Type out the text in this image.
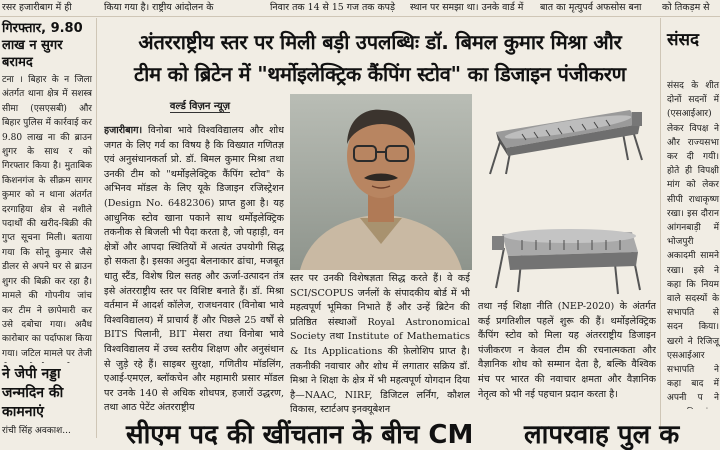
रसर हजारीबाग में ही	किया गया है। राष्ट्रीय आंदोलन के	निवार तक 14 से 15 गज तक कपड़े स्थान पर समझा था। उनके वार्ड में बात का मृत्युपर्व अफसोस बना को तिकड़म से
गिरफ्तार, 9.80 लाख न सुगर बरामद
टना । बिहार के न जिला अंतर्गत थाना क्षेत्र में सशस्त्र सीमा (एसएसबी) और बिहार पुलिस में कार्रवाई कर 9.80 लाख ना की ब्राउन शुगर के साथ र को गिरफ्तार किया है। मुताबिक किशनगंज के सीक्रम सागर कुमार को न थाना अंतर्गत दरगाहिया क्षेत्र से नशीले पदार्थों की खरीद-बिक्री की गुप्त सूचना मिली। बताया गया कि सोनू कुमार जैसे डीलर से अपने घर से ब्राउन शुगर की बिक्री कर रहा है। मामले की गोपनीय जांच कर टीम ने छापेमारी कर उसे दबोचा गया। अवैध कारोबार का पर्दाफाश किया गया। जटिल मामले पर तेजी
ने जेपी नड्डा जन्मदिन की कामनाएं
रांची सिंह अवकाश...
अंतरराष्ट्रीय स्तर पर मिली बड़ी उपलब्धिः डॉ. बिमल कुमार मिश्रा और
टीम को ब्रिटेन में "थर्मोइलेक्ट्रिक कैंपिंग स्टोव" का डिजाइन पंजीकरण
वर्ल्ड विज़न न्यूज़
हजारीबाग। विनोबा भावे विश्वविद्यालय और शोध जगत के लिए गर्व का विषय है कि विख्यात गणितज्ञ एवं अनुसंधानकर्ता प्रो. डॉ. बिमल कुमार मिश्रा तथा उनकी टीम को "थर्मोइलेक्ट्रिक कैंपिंग स्टोव" के अभिनव मॉडल के लिए यूके डिजाइन रजिस्ट्रेशन (Design No. 6482306) प्राप्त हुआ है। यह आधुनिक स्टोव खाना पकाने साथ थर्मोइलेक्ट्रिक तकनीक से बिजली भी पैदा करता है, जो पहाड़ी, वन क्षेत्रों और आपदा स्थितियों में अत्यंत उपयोगी सिद्ध हो सकता है। इसका अनुदा बेलनाकार ढांचा, मजबूत धातु स्टैंड, विशेष ग्रिल सतह और ऊर्जा-उत्पादन तंत्र इसे अंतरराष्ट्रीय स्तर पर विशिष्ट बनाते हैं। डॉ. मिश्रा वर्तमान में आदर्श कॉलेज, राजधनवार (विनोबा भावे विश्वविद्यालय) में प्राचार्य हैं और पिछले 25 वर्षों से BITS पिलानी, BIT मेसरा तथा विनोबा भावे विश्वविद्यालय में उच्च स्तरीय शिक्षण और अनुसंधान से जुड़े रहे हैं। साइबर सुरक्षा, गणितीय मॉडलिंग, एआई-एमएल, ब्लॉकचेन और महामारी प्रसार मॉडल पर उनके 140 से अधिक शोधपत्र, हजारों उद्धरण, तथा आठ पेटेंट अंतरराष्ट्रीय
स्तर पर उनकी विशेषज्ञता सिद्ध करते हैं। वे कई SCI/SCOPUS जर्नलों के संपादकीय बोर्ड में भी महत्वपूर्ण भूमिका निभाते हैं और उन्हें ब्रिटेन की प्रतिष्ठित संस्थाओं Royal Astronomical Society तथा Institute of Mathematics & Its Applications की फ़ेलोशिप प्राप्त है। तकनीकी नवाचार और शोध में लगातार सक्रिय डॉ. मिश्रा ने शिक्षा के क्षेत्र में भी महत्वपूर्ण योगदान दिया है—NAAC, NIRF, डिजिटल लर्निंग, कौशल विकास, स्टार्टअप इनक्यूबेशन
तथा नई शिक्षा नीति (NEP-2020) के अंतर्गत कई प्रगतिशील पहलें शुरू की हैं। थर्मोइलेक्ट्रिक कैंपिंग स्टोव को मिला यह अंतरराष्ट्रीय डिजाइन पंजीकरण न केवल टीम की रचनात्मकता और वैज्ञानिक शोध को सम्मान देता है, बल्कि वैश्विक मंच पर भारत की नवाचार क्षमता और वैज्ञानिक नेतृत्व को भी नई पहचान प्रदान करता है।
संसद
संसद के शीत दोनों सदनों में (एसआईआर) लेकर विपक्ष ने और राज्यसभा कर दी गयी। होते ही विपक्षी मांग को लेकर सीपी राधाकृष्ण रखा। इस दौरान आंगनबाड़ी में भोजपुरी अकादमी सामने रखा। इसे ने कहा कि नियम वाले सदस्यों के सभापति से सदन किया। खरगे ने रिजिजू एसआईआर सभापति ने कहा बाद में अपनी प ने
सीएम पद की खींचतान के बीच CM लापरवाह पुल क
